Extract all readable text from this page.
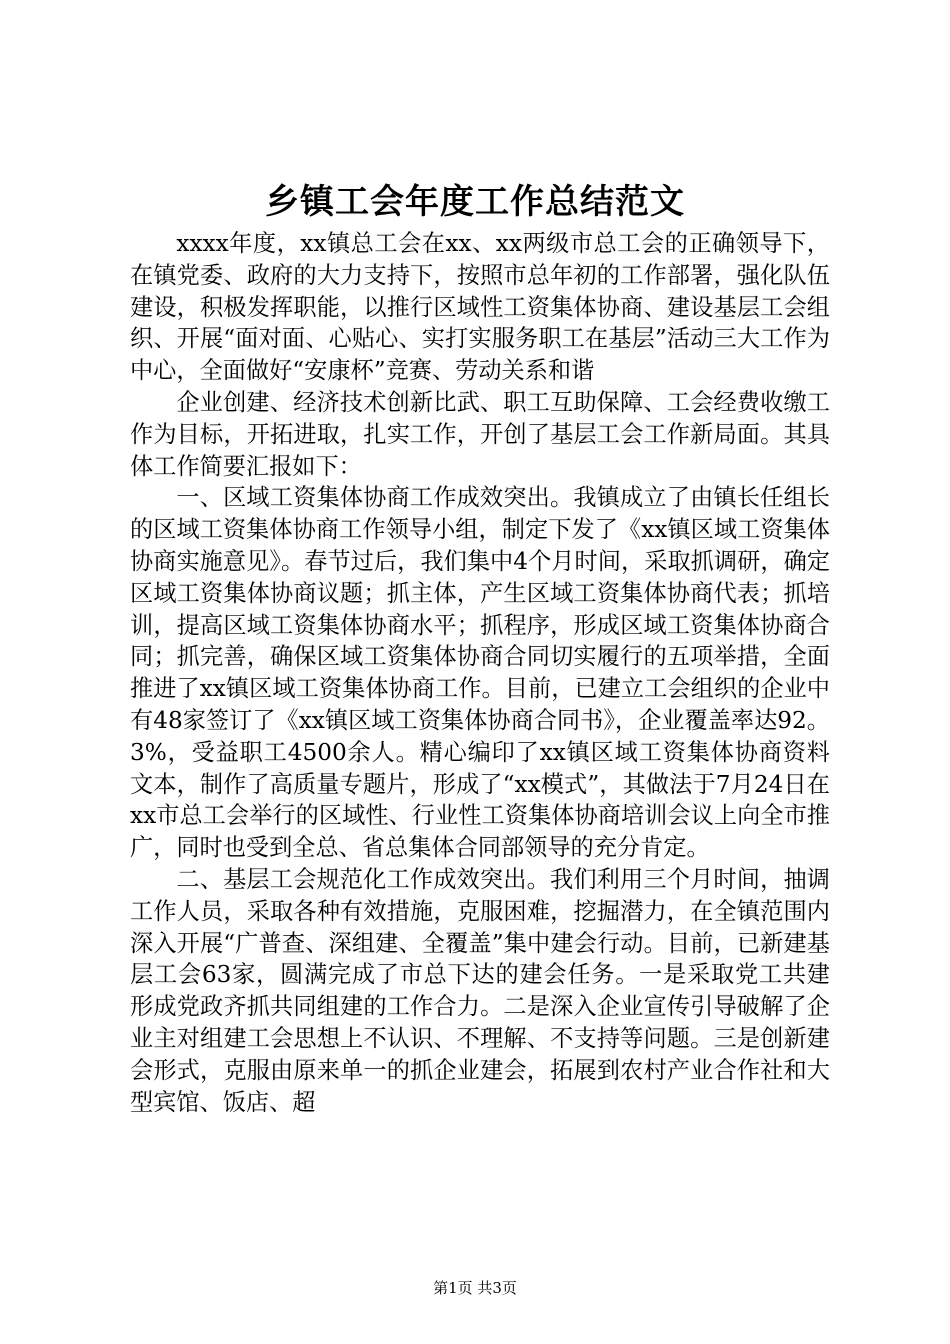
乡镇工会年度工作总结范文

xxxx年度，xx镇总工会在xx、xx两级市总工会的正确领导下，在镇党委、政府的大力支持下，按照市总年初的工作部署，强化队伍建设，积极发挥职能，以推行区域性工资集体协商、建设基层工会组织、开展“面对面、心贴心、实打实服务职工在基层”活动三大工作为中心，全面做好“安康杯”竞赛、劳动关系和谐

企业创建、经济技术创新比武、职工互助保障、工会经费收缴工作为目标，开拓进取，扎实工作，开创了基层工会工作新局面。其具体工作简要汇报如下：

一、区域工资集体协商工作成效突出。我镇成立了由镇长任组长的区域工资集体协商工作领导小组，制定下发了《xx镇区域工资集体协商实施意见》。春节过后，我们集中4个月时间，采取抓调研，确定区域工资集体协商议题；抓主体，产生区域工资集体协商代表；抓培训，提高区域工资集体协商水平；抓程序，形成区域工资集体协商合同；抓完善，确保区域工资集体协商合同切实履行的五项举措，全面推进了xx镇区域工资集体协商工作。目前，已建立工会组织的企业中有48家签订了《xx镇区域工资集体协商合同书》，企业覆盖率达92。3%，受益职工4500余人。精心编印了xx镇区域工资集体协商资料文本，制作了高质量专题片，形成了“xx模式”，其做法于7月24日在xx市总工会举行的区域性、行业性工资集体协商培训会议上向全市推广，同时也受到全总、省总集体合同部领导的充分肯定。

二、基层工会规范化工作成效突出。我们利用三个月时间，抽调工作人员，采取各种有效措施，克服困难，挖掘潜力，在全镇范围内深入开展“广普查、深组建、全覆盖”集中建会行动。目前，已新建基层工会63家，圆满完成了市总下达的建会任务。一是采取党工共建形成党政齐抓共同组建的工作合力。二是深入企业宣传引导破解了企业主对组建工会思想上不认识、不理解、不支持等问题。三是创新建会形式，克服由原来单一的抓企业建会，拓展到农村产业合作社和大型宾馆、饭店、超

第1页 共3页
